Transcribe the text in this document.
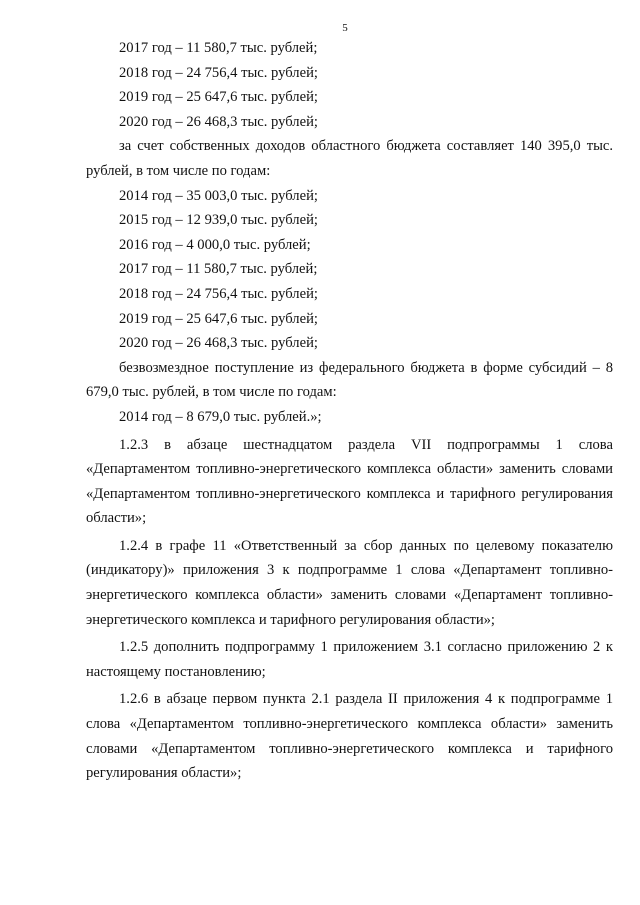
5

2017 год – 11 580,7 тыс. рублей;

2018 год – 24 756,4 тыс. рублей;

2019 год – 25 647,6 тыс. рублей;

2020 год – 26 468,3 тыс. рублей;

за счет собственных доходов областного бюджета составляет 140 395,0 тыс. рублей, в том числе по годам:

2014 год – 35 003,0 тыс. рублей;

2015 год – 12 939,0 тыс. рублей;

2016 год – 4 000,0 тыс. рублей;

2017 год – 11 580,7 тыс. рублей;

2018 год – 24 756,4 тыс. рублей;

2019 год – 25 647,6 тыс. рублей;

2020 год – 26 468,3 тыс. рублей;

безвозмездное поступление из федерального бюджета в форме субсидий – 8 679,0 тыс. рублей, в том числе по годам:

2014 год – 8 679,0 тыс. рублей.»;

1.2.3 в абзаце шестнадцатом раздела VII подпрограммы 1 слова «Департаментом топливно-энергетического комплекса области» заменить словами «Департаментом топливно-энергетического комплекса и тарифного регулирования области»;

1.2.4 в графе 11 «Ответственный за сбор данных по целевому показателю (индикатору)» приложения 3 к подпрограмме 1 слова «Департамент топливно-энергетического комплекса области» заменить словами «Департамент топливно-энергетического комплекса и тарифного регулирования области»;

1.2.5 дополнить подпрограмму 1 приложением 3.1 согласно приложению 2 к настоящему постановлению;

1.2.6 в абзаце первом пункта 2.1 раздела II приложения 4 к подпрограмме 1 слова «Департаментом топливно-энергетического комплекса области» заменить словами «Департаментом топливно-энергетического комплекса и тарифного регулирования области»;
